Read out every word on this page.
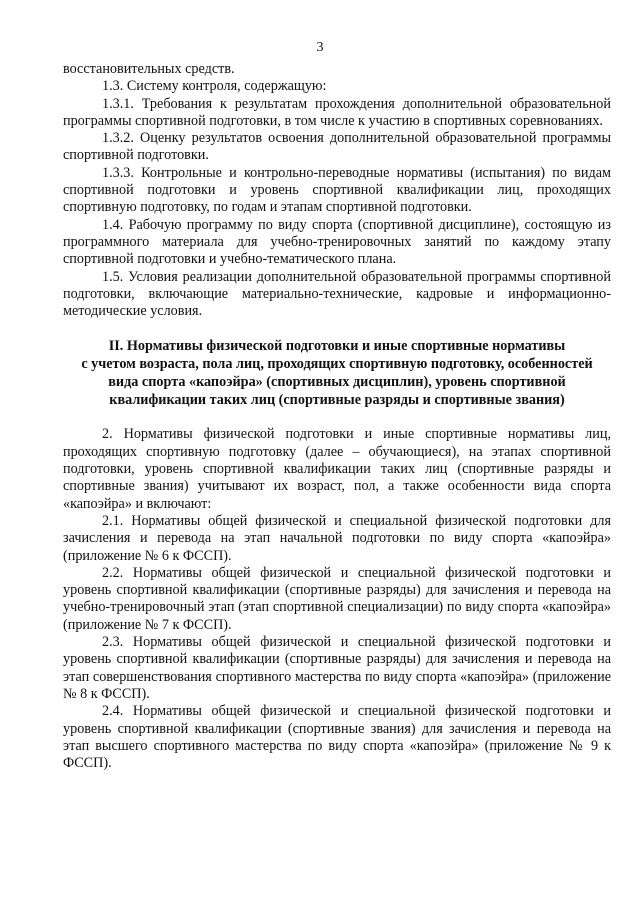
3

восстановительных средств.

1.3. Систему контроля, содержащую:

1.3.1. Требования к результатам прохождения дополнительной образовательной программы спортивной подготовки, в том числе к участию в спортивных соревнованиях.

1.3.2. Оценку результатов освоения дополнительной образовательной программы спортивной подготовки.

1.3.3. Контрольные и контрольно-переводные нормативы (испытания) по видам спортивной подготовки и уровень спортивной квалификации лиц, проходящих спортивную подготовку, по годам и этапам спортивной подготовки.

1.4. Рабочую программу по виду спорта (спортивной дисциплине), состоящую из программного материала для учебно-тренировочных занятий по каждому этапу спортивной подготовки и учебно-тематического плана.

1.5. Условия реализации дополнительной образовательной программы спортивной подготовки, включающие материально-технические, кадровые и информационно-методические условия.

II. Нормативы физической подготовки и иные спортивные нормативы
с учетом возраста, пола лиц, проходящих спортивную подготовку, особенностей
вида спорта «капоэйра» (спортивных дисциплин), уровень спортивной
квалификации таких лиц (спортивные разряды и спортивные звания)

2. Нормативы физической подготовки и иные спортивные нормативы лиц, проходящих спортивную подготовку (далее – обучающиеся), на этапах спортивной подготовки, уровень спортивной квалификации таких лиц (спортивные разряды и спортивные звания) учитывают их возраст, пол, а также особенности вида спорта «капоэйра» и включают:

2.1. Нормативы общей физической и специальной физической подготовки для зачисления и перевода на этап начальной подготовки по виду спорта «капоэйра» (приложение № 6 к ФССП).

2.2. Нормативы общей физической и специальной физической подготовки и уровень спортивной квалификации (спортивные разряды) для зачисления и перевода на учебно-тренировочный этап (этап спортивной специализации) по виду спорта «капоэйра» (приложение № 7 к ФССП).

2.3. Нормативы общей физической и специальной физической подготовки и уровень спортивной квалификации (спортивные разряды) для зачисления и перевода на этап совершенствования спортивного мастерства по виду спорта «капоэйра» (приложение № 8 к ФССП).

2.4. Нормативы общей физической и специальной физической подготовки и уровень спортивной квалификации (спортивные звания) для зачисления и перевода на этап высшего спортивного мастерства по виду спорта «капоэйра» (приложение № 9 к ФССП).
